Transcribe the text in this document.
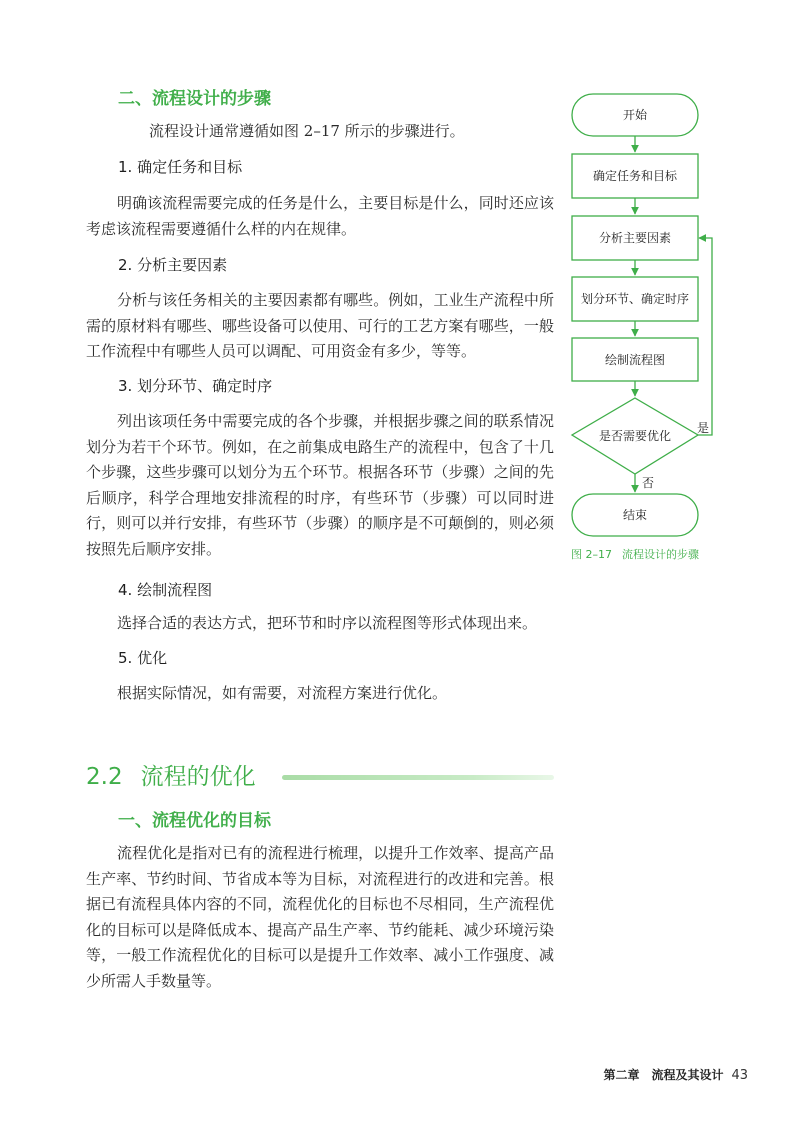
二、流程设计的步骤

流程设计通常遵循如图 2–17 所示的步骤进行。

1. 确定任务和目标

明确该流程需要完成的任务是什么，主要目标是什么，同时还应该考虑该流程需要遵循什么样的内在规律。

2. 分析主要因素

分析与该任务相关的主要因素都有哪些。例如，工业生产流程中所需的原材料有哪些、哪些设备可以使用、可行的工艺方案有哪些，一般工作流程中有哪些人员可以调配、可用资金有多少，等等。

3. 划分环节、确定时序

列出该项任务中需要完成的各个步骤，并根据步骤之间的联系情况划分为若干个环节。例如，在之前集成电路生产的流程中，包含了十几个步骤，这些步骤可以划分为五个环节。根据各环节（步骤）之间的先后顺序，科学合理地安排流程的时序，有些环节（步骤）可以同时进行，则可以并行安排，有些环节（步骤）的顺序是不可颠倒的，则必须按照先后顺序安排。

4. 绘制流程图

选择合适的表达方式，把环节和时序以流程图等形式体现出来。

5. 优化

根据实际情况，如有需要，对流程方案进行优化。

2.2 流程的优化
一、流程优化的目标

流程优化是指对已有的流程进行梳理，以提升工作效率、提高产品生产率、节约时间、节省成本等为目标，对流程进行的改进和完善。根据已有流程具体内容的不同，流程优化的目标也不尽相同，生产流程优化的目标可以是降低成本、提高产品生产率、节约能耗、减少环境污染等，一般工作流程优化的目标可以是提升工作效率、减小工作强度、减少所需人手数量等。

开始
确定任务和目标
分析主要因素
划分环节、确定时序
绘制流程图
是否需要优化
是
否
结束

图 2–17 流程设计的步骤

第二章　流程及其设计 43
